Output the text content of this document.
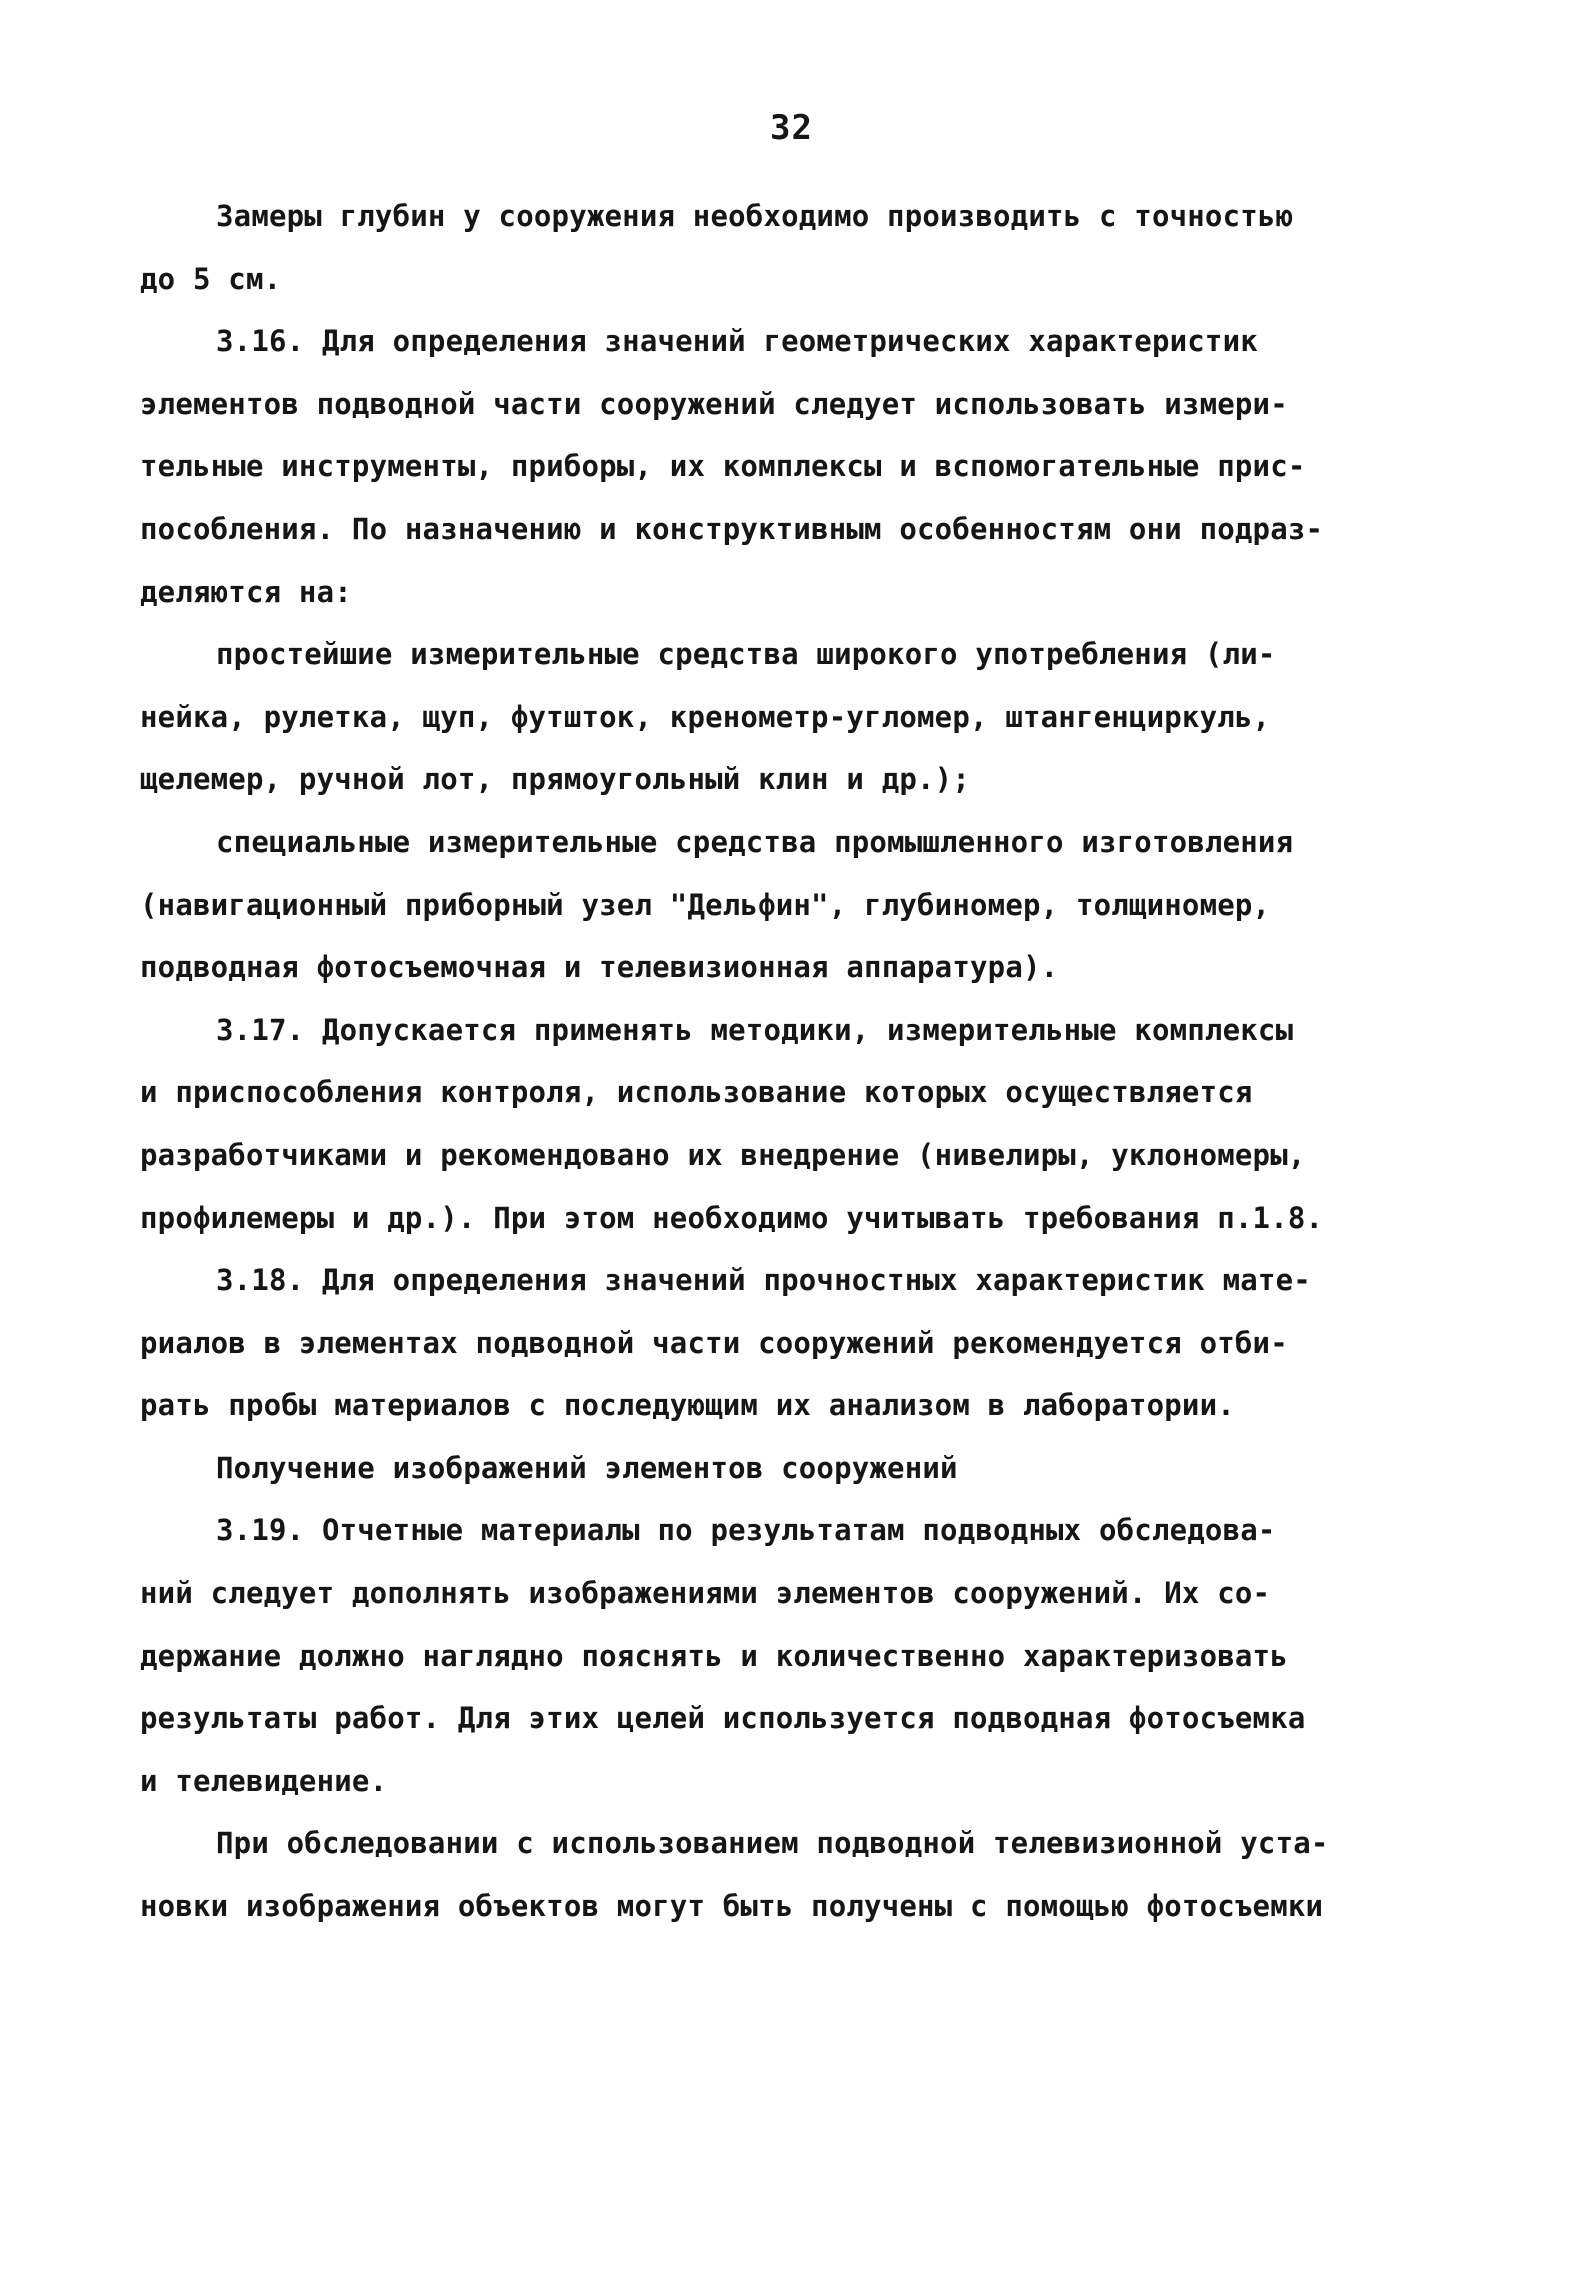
32
Замеры глубин у сооружения необходимо производить с точностью
до 5 см.
3.16. Для определения значений геометрических характеристик
элементов подводной части сооружений следует использовать измери-
тельные инструменты, приборы, их комплексы и вспомогательные прис-
пособления. По назначению и конструктивным особенностям они подраз-
деляются на:
простейшие измерительные средства широкого употребления (ли-
нейка, рулетка, щуп, футшток, кренометр-угломер, штангенциркуль,
щелемер, ручной лот, прямоугольный клин и др.);
специальные измерительные средства промышленного изготовления
(навигационный приборный узел "Дельфин", глубиномер, толщиномер,
подводная фотосъемочная и телевизионная аппаратура).
3.17. Допускается применять методики, измерительные комплексы
и приспособления контроля, использование которых осуществляется
разработчиками и рекомендовано их внедрение (нивелиры, уклономеры,
профилемеры и др.). При этом необходимо учитывать требования п.1.8.
3.18. Для определения значений прочностных характеристик мате-
риалов в элементах подводной части сооружений рекомендуется отби-
рать пробы материалов с последующим их анализом в лаборатории.
Получение изображений элементов сооружений
3.19. Отчетные материалы по результатам подводных обследова-
ний следует дополнять изображениями элементов сооружений. Их со-
держание должно наглядно пояснять и количественно характеризовать
результаты работ. Для этих целей используется подводная фотосъемка
и телевидение.
При обследовании с использованием подводной телевизионной уста-
новки изображения объектов могут быть получены с помощью фотосъемки
